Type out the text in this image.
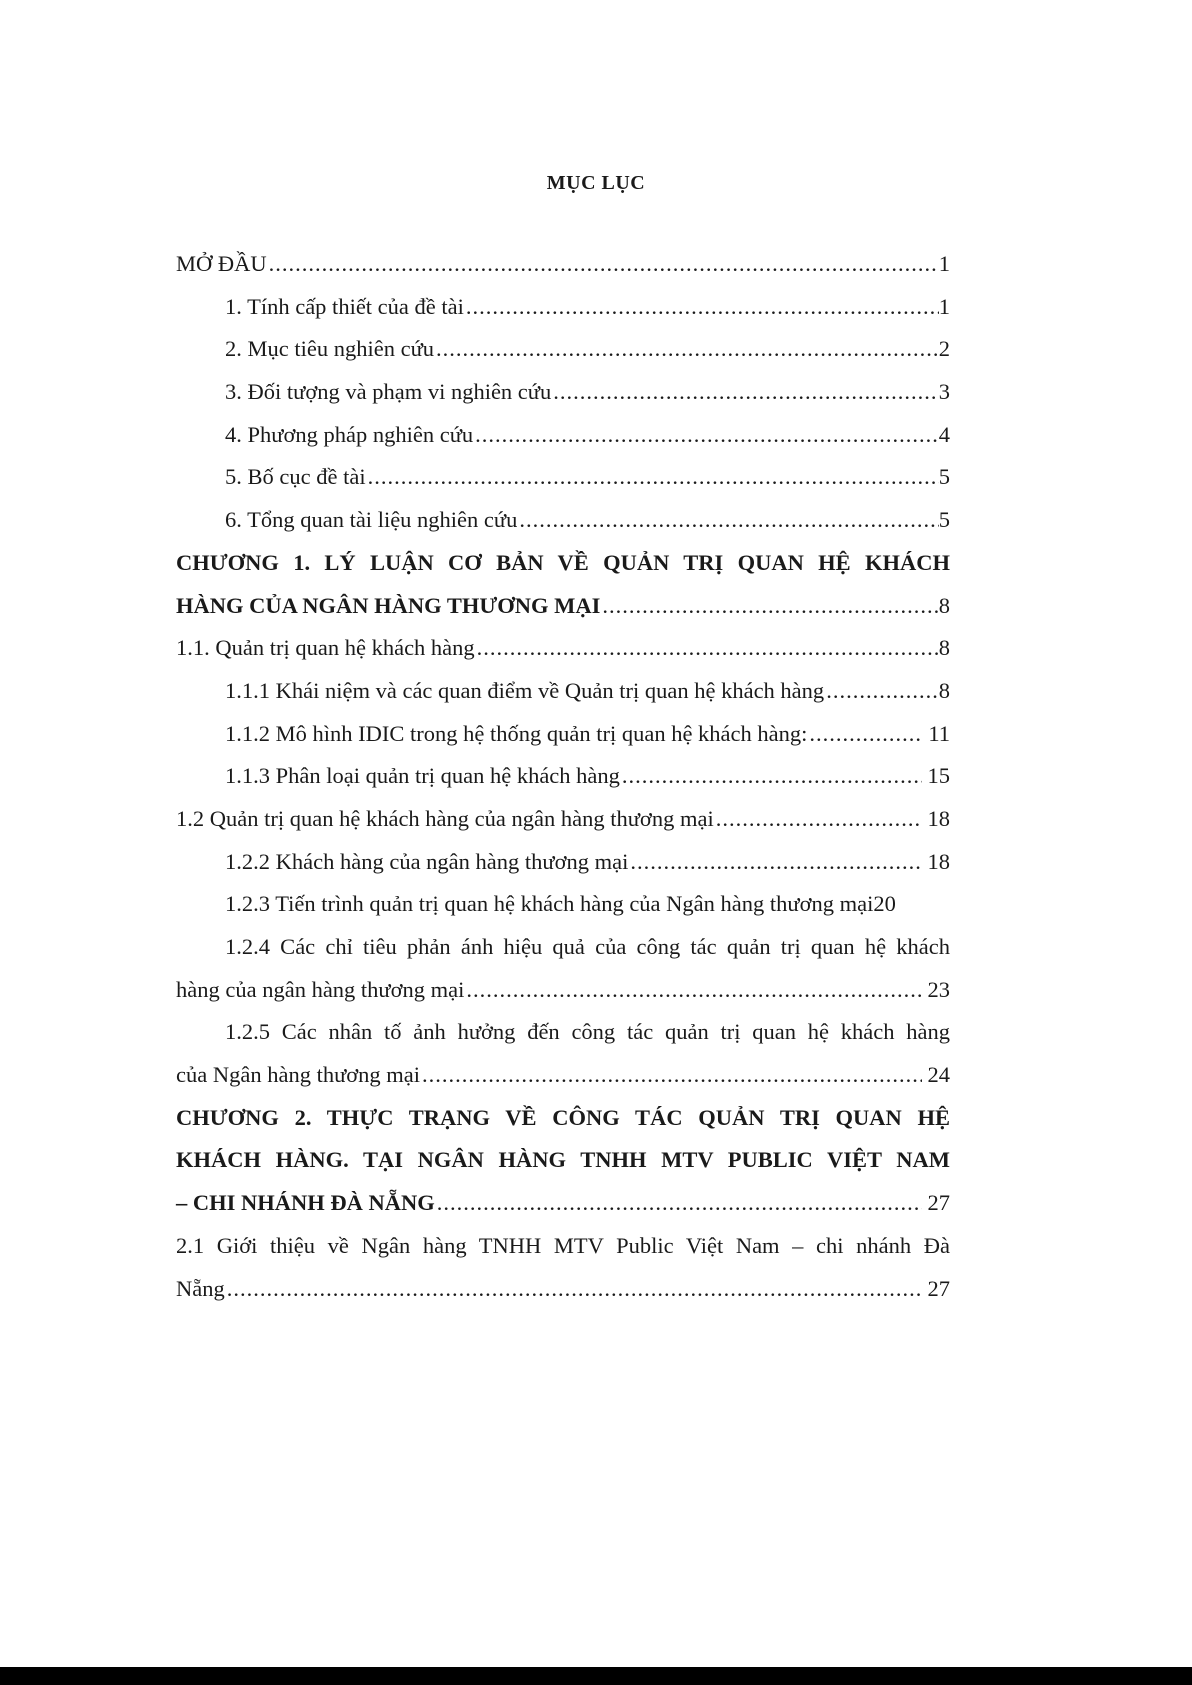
MỤC LỤC
MỞ ĐẦU .....	1
1. Tính cấp thiết của đề tài .....	1
2. Mục tiêu nghiên cứu .....	2
3. Đối tượng và phạm vi nghiên cứu .....	3
4. Phương pháp nghiên cứu .....	4
5. Bố cục đề tài .....	5
6. Tổng quan tài liệu nghiên cứu .....	5
CHƯƠNG 1. LÝ LUẬN CƠ BẢN VỀ QUẢN TRỊ QUAN HỆ KHÁCH
HÀNG CỦA NGÂN HÀNG THƯƠNG MẠI .....	8
1.1. Quản trị quan hệ khách hàng .....	8
1.1.1 Khái niệm và các quan điểm về Quản trị quan hệ khách hàng .....	8
1.1.2 Mô hình IDIC trong hệ thống quản trị quan hệ khách hàng: .....	11
1.1.3 Phân loại quản trị quan hệ khách hàng .....	15
1.2 Quản trị quan hệ khách hàng của ngân hàng thương mại .....	18
1.2.2 Khách hàng của ngân hàng thương mại .....	18
1.2.3 Tiến trình quản trị quan hệ khách hàng của Ngân hàng thương mại 20
1.2.4 Các chỉ tiêu phản ánh hiệu quả của công tác quản trị quan hệ khách
hàng của ngân hàng thương mại .....	23
1.2.5 Các nhân tố ảnh hưởng đến công tác quản trị quan hệ khách hàng
của Ngân hàng thương mại .....	24
CHƯƠNG 2. THỰC TRẠNG VỀ CÔNG TÁC QUẢN TRỊ QUAN HỆ
KHÁCH HÀNG. TẠI NGÂN HÀNG TNHH MTV PUBLIC VIỆT NAM
– CHI NHÁNH ĐÀ NẴNG .....	27
2.1 Giới thiệu về Ngân hàng TNHH MTV Public Việt Nam – chi nhánh Đà
Nẵng .....	27
